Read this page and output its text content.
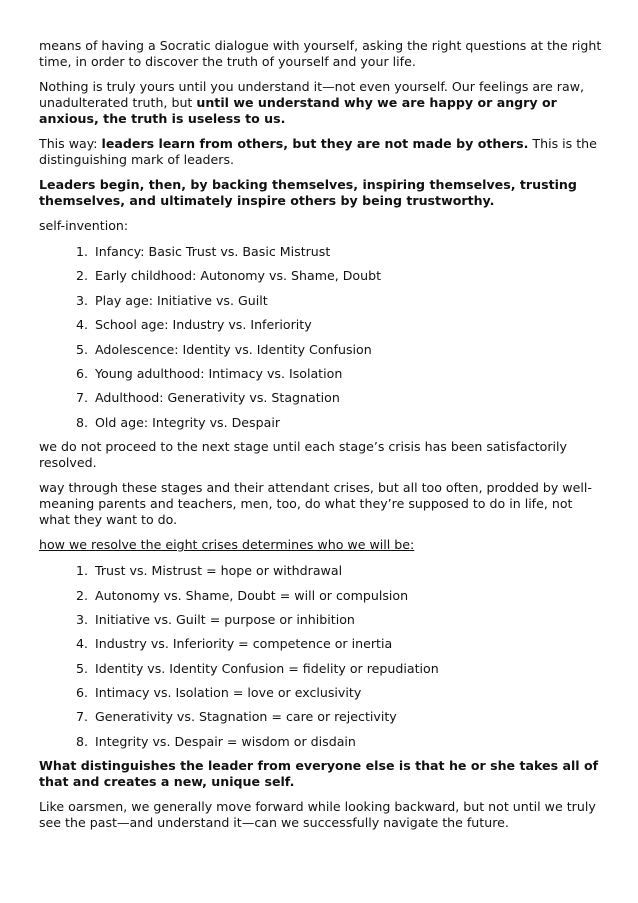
means of having a Socratic dialogue with yourself, asking the right questions at the right time, in order to discover the truth of yourself and your life.

Nothing is truly yours until you understand it—not even yourself. Our feelings are raw, unadulterated truth, but until we understand why we are happy or angry or anxious, the truth is useless to us.

This way: leaders learn from others, but they are not made by others. This is the distinguishing mark of leaders.

Leaders begin, then, by backing themselves, inspiring themselves, trusting themselves, and ultimately inspire others by being trustworthy.

self-invention:

1. Infancy: Basic Trust vs. Basic Mistrust
2. Early childhood: Autonomy vs. Shame, Doubt
3. Play age: Initiative vs. Guilt
4. School age: Industry vs. Inferiority
5. Adolescence: Identity vs. Identity Confusion
6. Young adulthood: Intimacy vs. Isolation
7. Adulthood: Generativity vs. Stagnation
8. Old age: Integrity vs. Despair

we do not proceed to the next stage until each stage’s crisis has been satisfactorily resolved.

way through these stages and their attendant crises, but all too often, prodded by well-meaning parents and teachers, men, too, do what they’re supposed to do in life, not what they want to do.

how we resolve the eight crises determines who we will be:

1. Trust vs. Mistrust = hope or withdrawal
2. Autonomy vs. Shame, Doubt = will or compulsion
3. Initiative vs. Guilt = purpose or inhibition
4. Industry vs. Inferiority = competence or inertia
5. Identity vs. Identity Confusion = fidelity or repudiation
6. Intimacy vs. Isolation = love or exclusivity
7. Generativity vs. Stagnation = care or rejectivity
8. Integrity vs. Despair = wisdom or disdain

What distinguishes the leader from everyone else is that he or she takes all of that and creates a new, unique self.

Like oarsmen, we generally move forward while looking backward, but not until we truly see the past—and understand it—can we successfully navigate the future.
